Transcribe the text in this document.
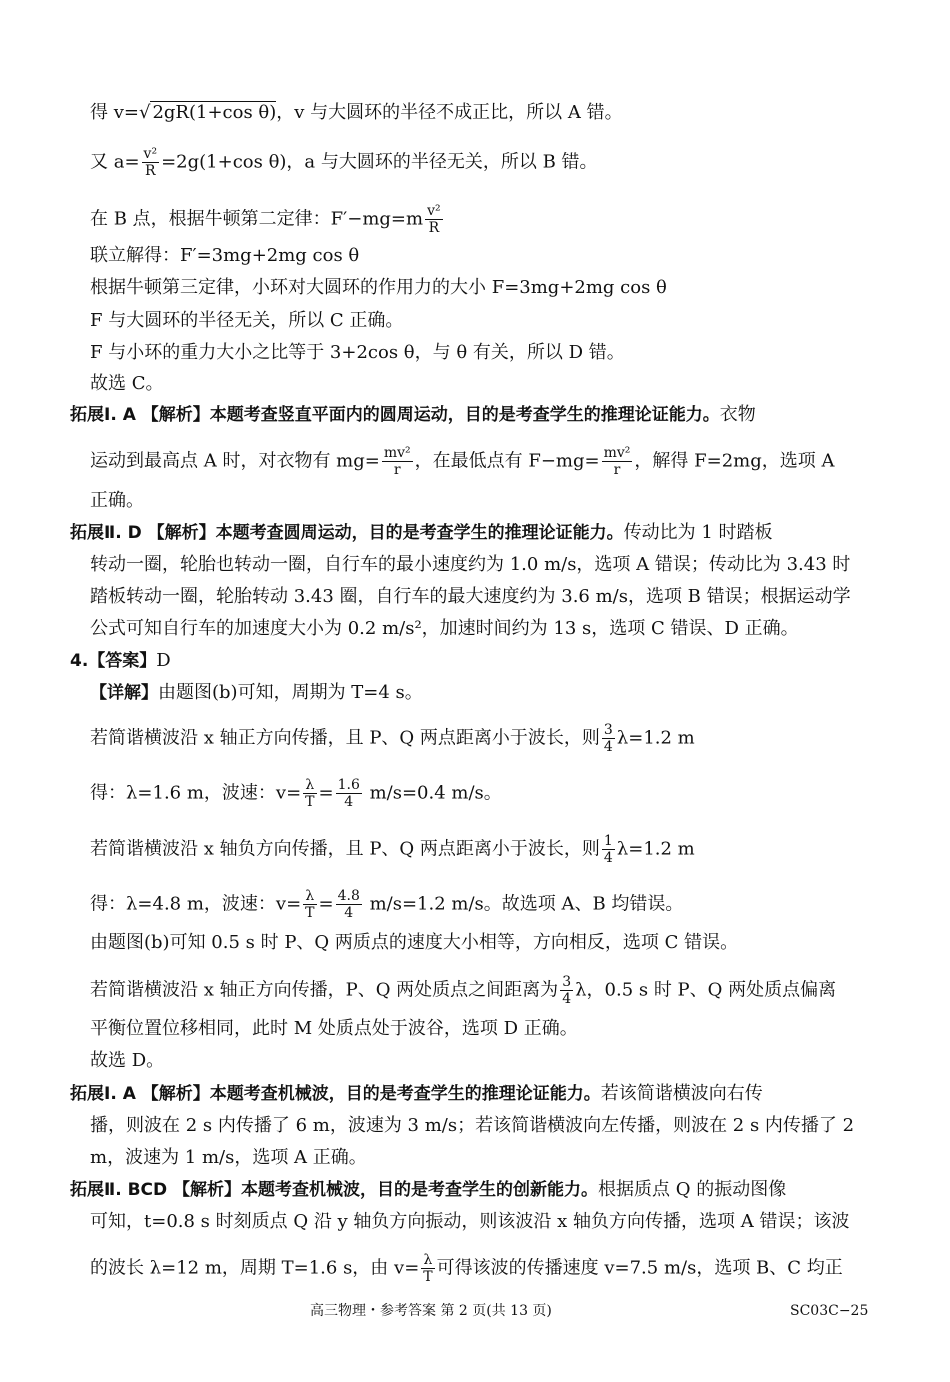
得 v=√ 2gR(1+cos θ)，v 与大圆环的半径不成正比，所以 A 错。
又 $a= \frac{\text{v²}}{R} =2g(1+\cos$ θ)，a 与大圆环的半径无关，所以 B 错。
在 B 点，根据牛顿第二定律：$F'-mg=m \frac{\text{v²}}{R}$
联立解得：F′=3mg+2mg cos θ
根据牛顿第三定律，小环对大圆环的作用力的大小 F=3mg+2mg cos θ
F 与大圆环的半径无关，所以 C 正确。
F 与小环的重力大小之比等于 3+2cos θ，与 θ 有关，所以 D 错。
故选 C。
拓展Ⅰ. A 【解析】本题考查竖直平面内的圆周运动，目的是考查学生的推理论证能力。衣物
运动到最高点 A 时，对衣物有 $mg= \frac{\text{mv²}}{r}$ ，在最低点有 $F-mg= \frac{\text{mv²}}{r}$ ，解得 F=2mg，选项 A
正确。
拓展Ⅱ. D 【解析】本题考查圆周运动，目的是考查学生的推理论证能力。传动比为 1 时踏板
转动一圈，轮胎也转动一圈，自行车的最小速度约为 1.0 m/s，选项 A 错误；传动比为 3.43 时
踏板转动一圈，轮胎转动 3.43 圈，自行车的最大速度约为 3.6 m/s，选项 B 错误；根据运动学
公式可知自行车的加速度大小为 0.2 m/s²，加速时间约为 13 s，选项 C 错误、D 正确。
4.【答案】D
【详解】由题图(b)可知，周期为 T=4 s。
若简谐横波沿 x 轴正方向传播，且 P、Q 两点距离小于波长，则 $\frac{3}{4} \lambda=1.2$ m
得：λ=1.6 m，波速：$v= \frac{\lambda}{T} = \frac{1.6}{4} m/s=0.4$ m/s。
若简谐横波沿 x 轴负方向传播，且 P、Q 两点距离小于波长，则 $\frac{1}{4} \lambda=1.2$ m
得：λ=4.8 m，波速：$v= \frac{\lambda}{T} = \frac{4.8}{4} m/s=1.2$ m/s。故选项 A、B 均错误。
由题图(b)可知 0.5 s 时 P、Q 两质点的速度大小相等，方向相反，选项 C 错误。
若简谐横波沿 x 轴正方向传播，P、Q 两处质点之间距离为 $\frac{3}{4}$ λ，0.5 s 时 P、Q 两处质点偏离
平衡位置位移相同，此时 M 处质点处于波谷，选项 D 正确。
故选 D。
拓展Ⅰ. A 【解析】本题考查机械波，目的是考查学生的推理论证能力。若该简谐横波向右传
播，则波在 2 s 内传播了 6 m，波速为 3 m/s；若该简谐横波向左传播，则波在 2 s 内传播了 2
m，波速为 1 m/s，选项 A 正确。
拓展Ⅱ. BCD 【解析】本题考查机械波，目的是考查学生的创新能力。根据质点 Q 的振动图像
可知，t=0.8 s 时刻质点 Q 沿 y 轴负方向振动，则该波沿 x 轴负方向传播，选项 A 错误；该波
的波长 λ=12 m，周期 T=1.6 s，由 $v= \frac{\lambda}{T}$ 可得该波的传播速度 v=7.5 m/s，选项 B、C 均正
高三物理・参考答案 第 2 页(共 13 页)	SC03C−25
